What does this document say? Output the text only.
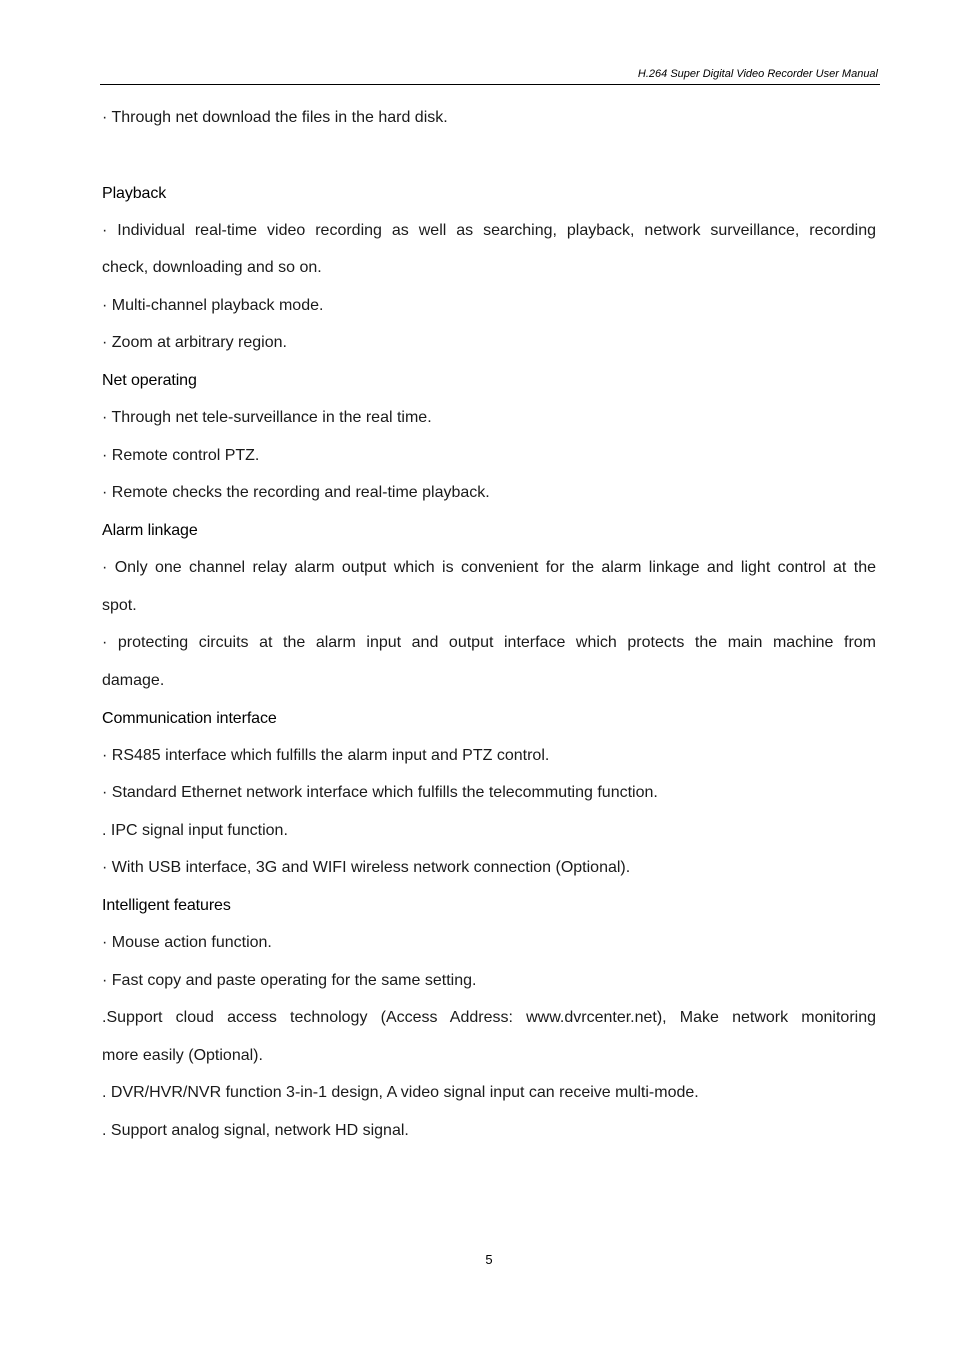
H.264 Super Digital Video Recorder User Manual
· Through net download the files in the hard disk.
Playback
· Individual real-time video recording as well as searching, playback, network surveillance, recording
check, downloading and so on.
· Multi-channel playback mode.
· Zoom at arbitrary region.
Net operating
· Through net tele-surveillance in the real time.
· Remote control PTZ.
· Remote checks the recording and real-time playback.
Alarm linkage
· Only one channel relay alarm output which is convenient for the alarm linkage and light control at the
spot.
· protecting circuits at the alarm input and output interface which protects the main machine from
damage.
Communication interface
· RS485 interface which fulfills the alarm input and PTZ control.
· Standard Ethernet network interface which fulfills the telecommuting function.
. IPC signal input function.
· With USB interface, 3G and WIFI wireless network connection (Optional).
Intelligent features
· Mouse action function.
· Fast copy and paste operating for the same setting.
.Support cloud access technology (Access Address: www.dvrcenter.net), Make network monitoring
more easily (Optional).
. DVR/HVR/NVR function 3-in-1 design, A video signal input can receive multi-mode.
. Support analog signal, network HD signal.
5
